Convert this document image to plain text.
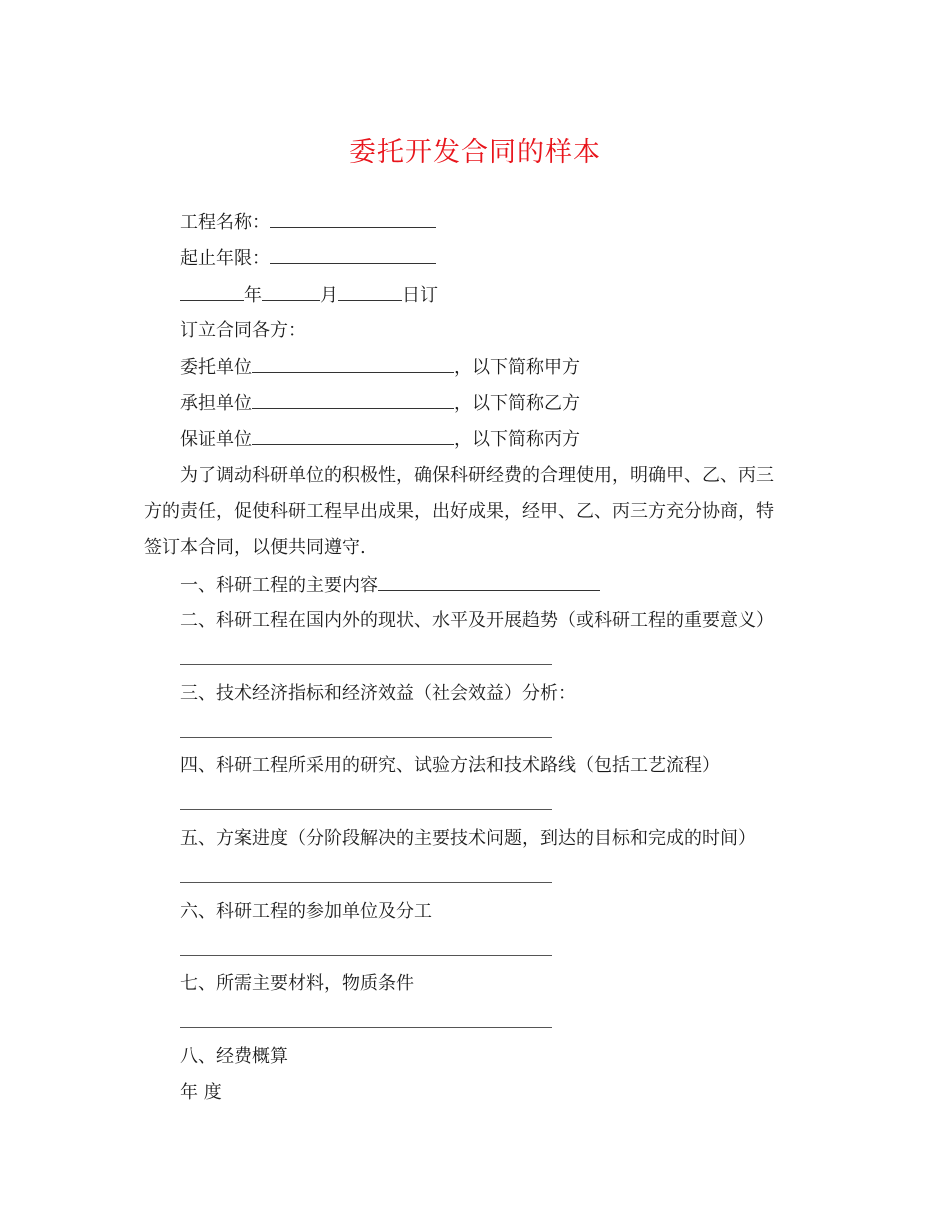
委托开发合同的样本
工程名称：
起止年限：
年	月	日订
订立合同各方：
委托单位	，以下简称甲方
承担单位	，以下简称乙方
保证单位	，以下简称丙方
为了调动科研单位的积极性，确保科研经费的合理使用，明确甲、乙、丙三
方的责任，促使科研工程早出成果，出好成果，经甲、乙、丙三方充分协商，特
签订本合同，以便共同遵守.
一、科研工程的主要内容
二、科研工程在国内外的现状、水平及开展趋势（或科研工程的重要意义）
三、技术经济指标和经济效益（社会效益）分析：
四、科研工程所采用的研究、试验方法和技术路线（包括工艺流程）
五、方案进度（分阶段解决的主要技术问题，到达的目标和完成的时间）
六、科研工程的参加单位及分工
七、所需主要材料，物质条件
八、经费概算
年 度
